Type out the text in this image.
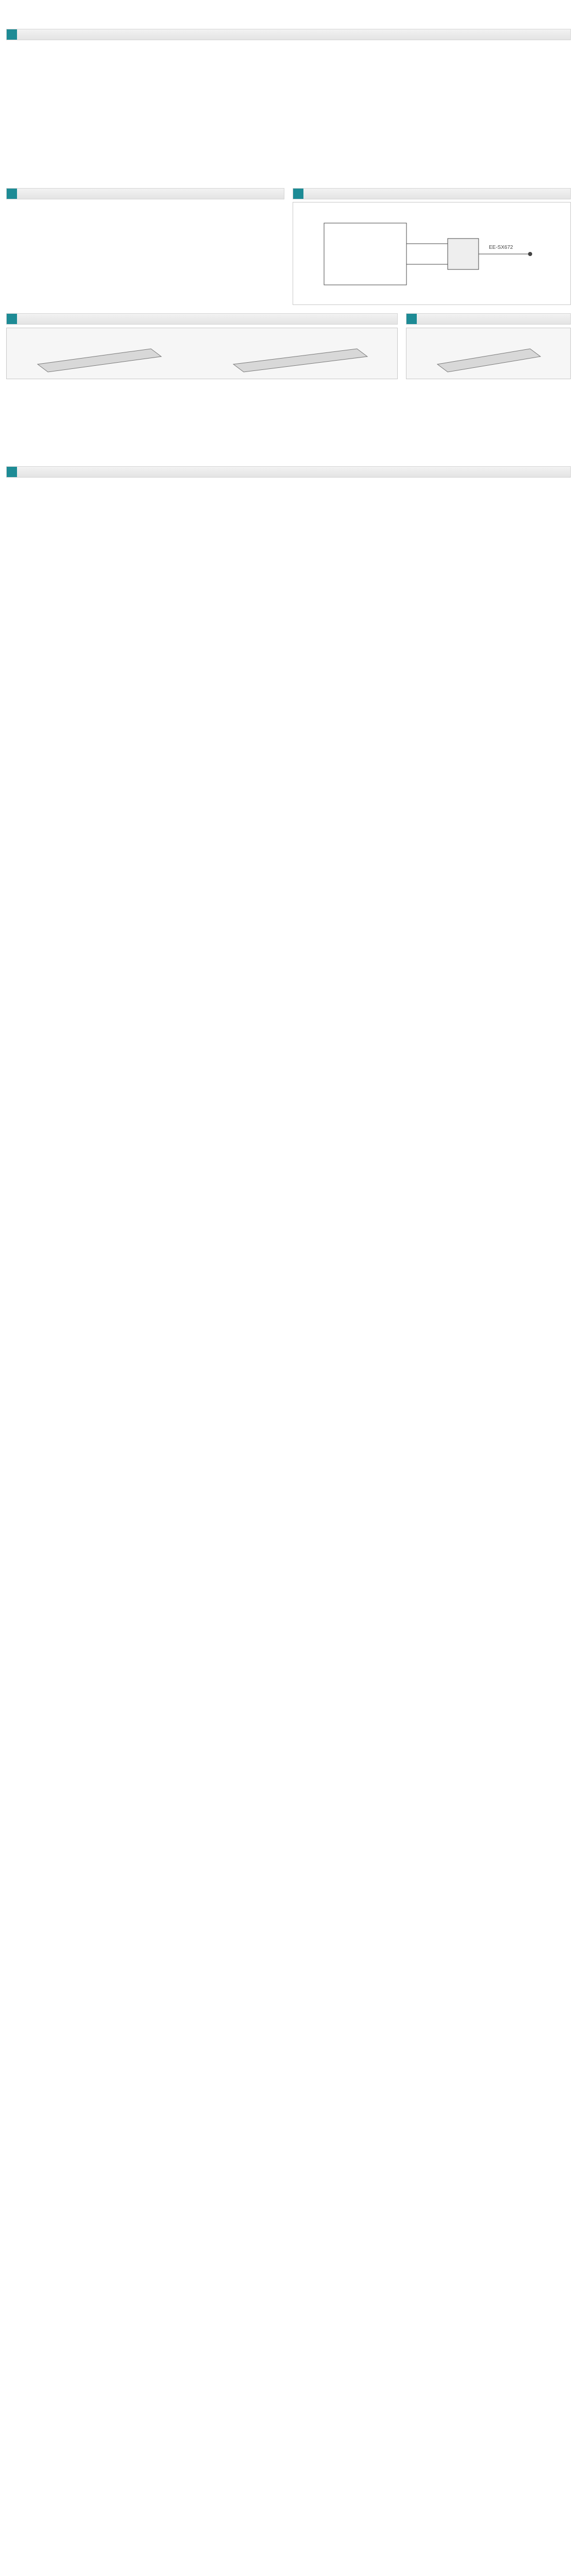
EE-SX672
